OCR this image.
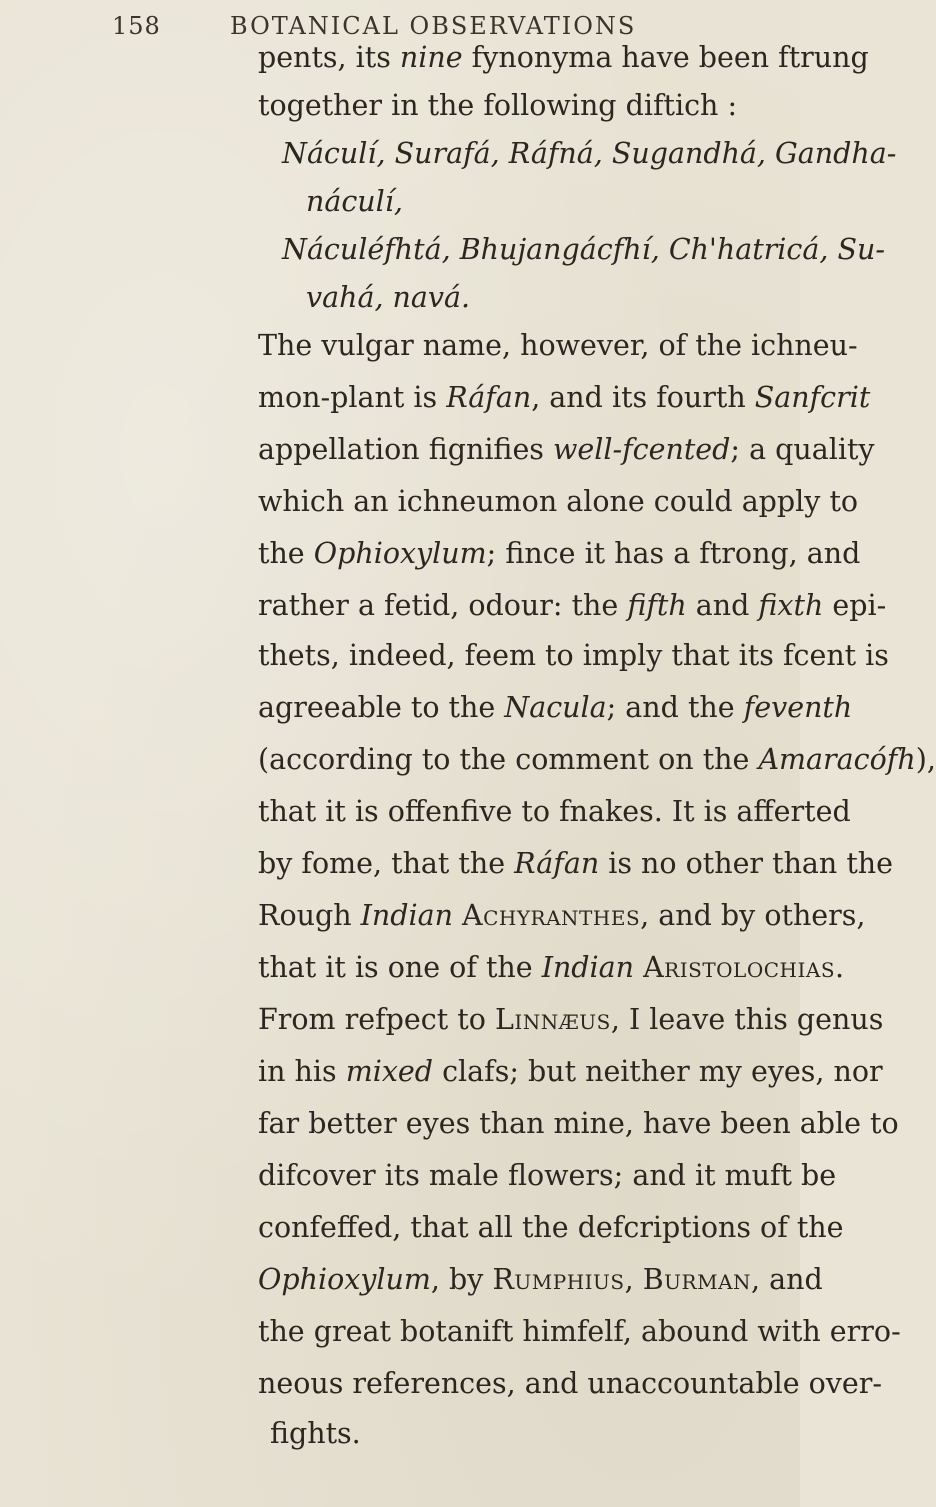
158	BOTANICAL OBSERVATIONS
pents, its nine fynonyma have been ftrung
together in the following diftich :
Náculí, Surafá, Ráfná, Sugandhá, Gandha-
náculí,
Náculéfhtá, Bhujangácfhí, Ch'hatricá, Su-
vahá, navá.
The vulgar name, however, of the ichneu-
mon-plant is Ráfan, and its fourth Sanfcrit
appellation fignifies well-fcented; a quality
which an ichneumon alone could apply to
the Ophioxylum; fince it has a ftrong, and
rather a fetid, odour: the fifth and fixth epi-
thets, indeed, feem to imply that its fcent is
agreeable to the Nacula; and the feventh
(according to the comment on the Amaracófh),
that it is offenfive to fnakes. It is afferted
by fome, that the Ráfan is no other than the
Rough Indian Achyranthes, and by others,
that it is one of the Indian Aristolochias.
From refpect to Linnæus, I leave this genus
in his mixed clafs; but neither my eyes, nor
far better eyes than mine, have been able to
difcover its male flowers; and it muft be
confeffed, that all the defcriptions of the
Ophioxylum, by Rumphius, Burman, and
the great botanift himfelf, abound with erro-
neous references, and unaccountable over-
fights.
